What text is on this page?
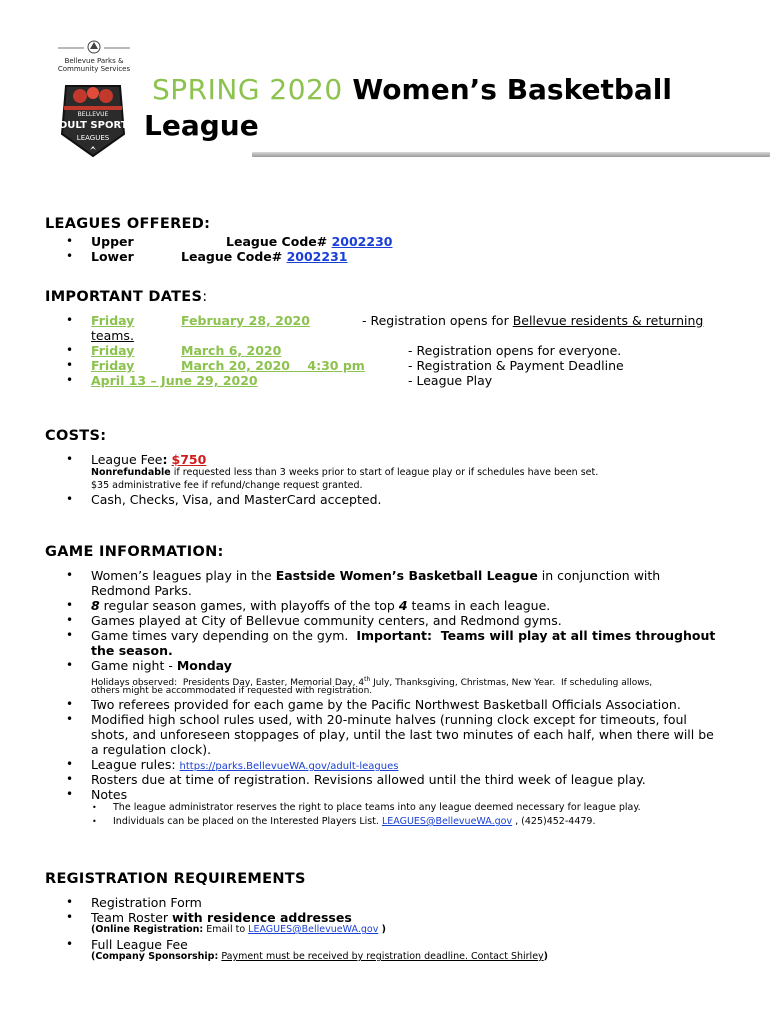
Bellevue Parks &
Community Services
BELLEVUE
ADULT SPORTS
LEAGUES
SPRING 2020 Women’s Basketball
League
LEAGUES OFFERED:
• Upper	League Code# 2002230
• Lower	League Code# 2002231
IMPORTANT DATES:
• Friday	February 28, 2020	- Registration opens for Bellevue residents & returning
teams.
• Friday	March 6, 2020	- Registration opens for everyone.
• Friday	March 20, 2020    4:30 pm	- Registration & Payment Deadline
• April 13 – June 29, 2020	- League Play
COSTS:
• League Fee: $750
Nonrefundable if requested less than 3 weeks prior to start of league play or if schedules have been set.
$35 administrative fee if refund/change request granted.
• Cash, Checks, Visa, and MasterCard accepted.
GAME INFORMATION:
• Women’s leagues play in the Eastside Women’s Basketball League in conjunction with
Redmond Parks.
• 8 regular season games, with playoffs of the top 4 teams in each league.
• Games played at City of Bellevue community centers, and Redmond gyms.
• Game times vary depending on the gym.  Important:  Teams will play at all times throughout
the season.
• Game night - Monday
Holidays observed:  Presidents Day, Easter, Memorial Day, 4th July, Thanksgiving, Christmas, New Year.  If scheduling allows,
others might be accommodated if requested with registration.
• Two referees provided for each game by the Pacific Northwest Basketball Officials Association.
• Modified high school rules used, with 20-minute halves (running clock except for timeouts, foul
shots, and unforeseen stoppages of play, until the last two minutes of each half, when there will be
a regulation clock).
• League rules: https://parks.BellevueWA.gov/adult-leagues
• Rosters due at time of registration. Revisions allowed until the third week of league play.
• Notes
• The league administrator reserves the right to place teams into any league deemed necessary for league play.
• Individuals can be placed on the Interested Players List. LEAGUES@BellevueWA.gov , (425)452-4479.
REGISTRATION REQUIREMENTS
• Registration Form
• Team Roster with residence addresses
(Online Registration: Email to LEAGUES@BellevueWA.gov )
• Full League Fee
(Company Sponsorship: Payment must be received by registration deadline. Contact Shirley)
